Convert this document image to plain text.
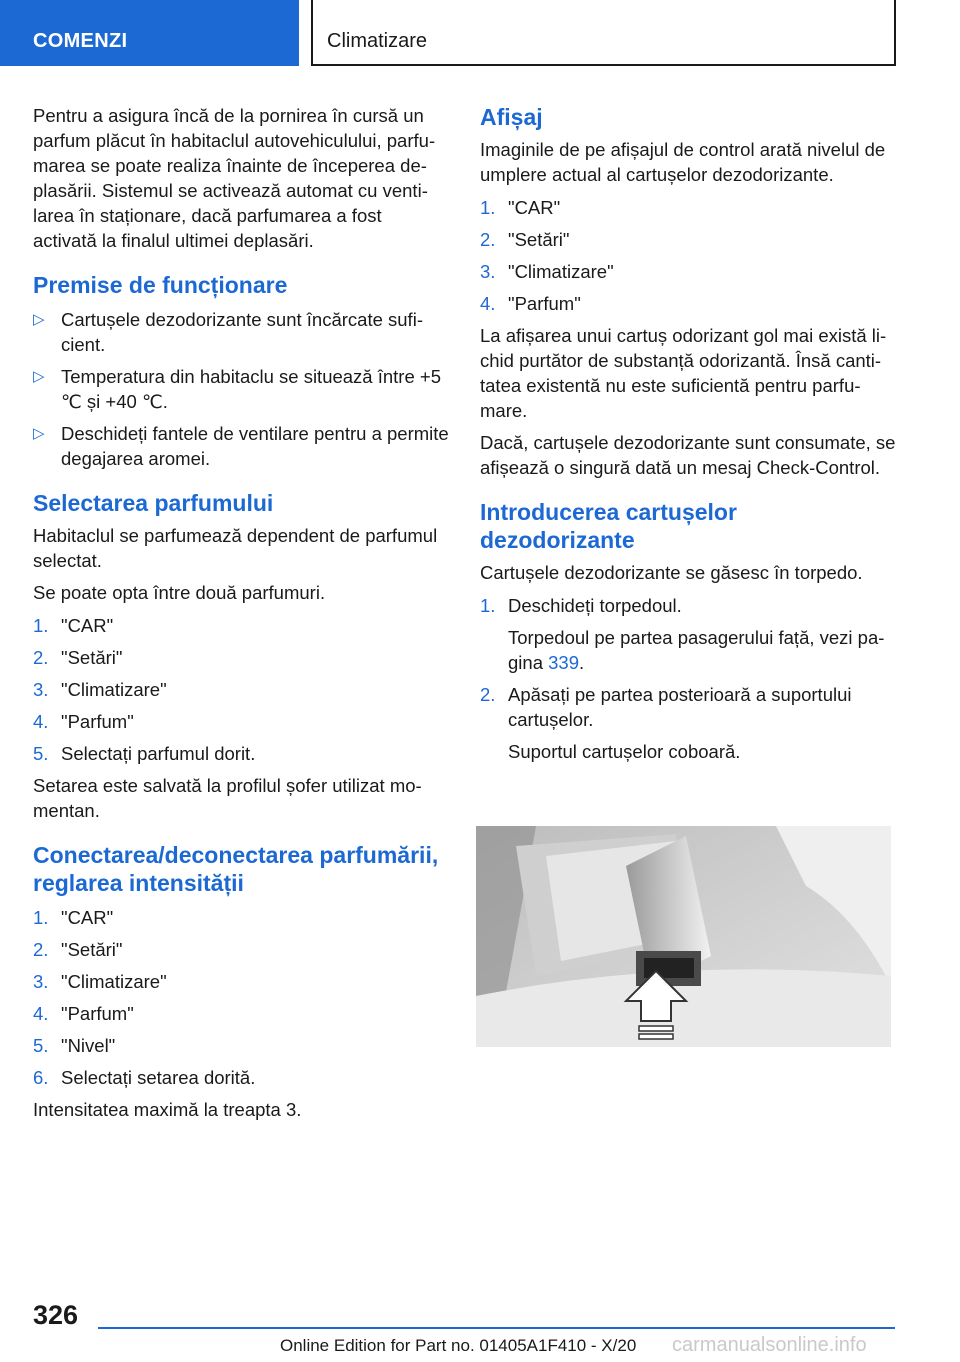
COMENZI	Climatizare

Pentru a asigura încă de la pornirea în cursă un parfum plăcut în habitaclul autovehiculului, parfumarea se poate realiza înainte de începerea deplasării. Sistemul se activează automat cu ventilarea în staționare, dacă parfumarea a fost activată la finalul ultimei deplasări.

Premise de funcționare
▷ Cartușele dezodorizante sunt încărcate suficient.
▷ Temperatura din habitaclu se situează între +5 ℃ și +40 ℃.
▷ Deschideți fantele de ventilare pentru a permite degajarea aromei.
Selectarea parfumului

Habitaclul se parfumează dependent de parfumul selectat.

Se poate opta între două parfumuri.

1. "CAR"
2. "Setări"
3. "Climatizare"
4. "Parfum"
5. Selectați parfumul dorit.

Setarea este salvată la profilul șofer utilizat momentan.

Conectarea/deconectarea parfumării, reglarea intensității
1. "CAR"
2. "Setări"
3. "Climatizare"
4. "Parfum"
5. "Nivel"
6. Selectați setarea dorită.

Intensitatea maximă la treapta 3.

Afișaj

Imaginile de pe afișajul de control arată nivelul de umplere actual al cartușelor dezodorizante.

1. "CAR"
2. "Setări"
3. "Climatizare"
4. "Parfum"

La afișarea unui cartuș odorizant gol mai există lichid purtător de substanță odorizantă. Însă cantitatea existentă nu este suficientă pentru parfumare.

Dacă, cartușele dezodorizante sunt consumate, se afișează o singură dată un mesaj Check-Control.

Introducerea cartușelor dezodorizante

Cartușele dezodorizante se găsesc în torpedo.

1. Deschideți torpedoul.
Torpedoul pe partea pasagerului față, vezi pagina 339.
2. Apăsați pe partea posterioară a suportului cartușelor.
Suportul cartușelor coboară.
326
Online Edition for Part no. 01405A1F410 - X/20 carmanualsonline.info
